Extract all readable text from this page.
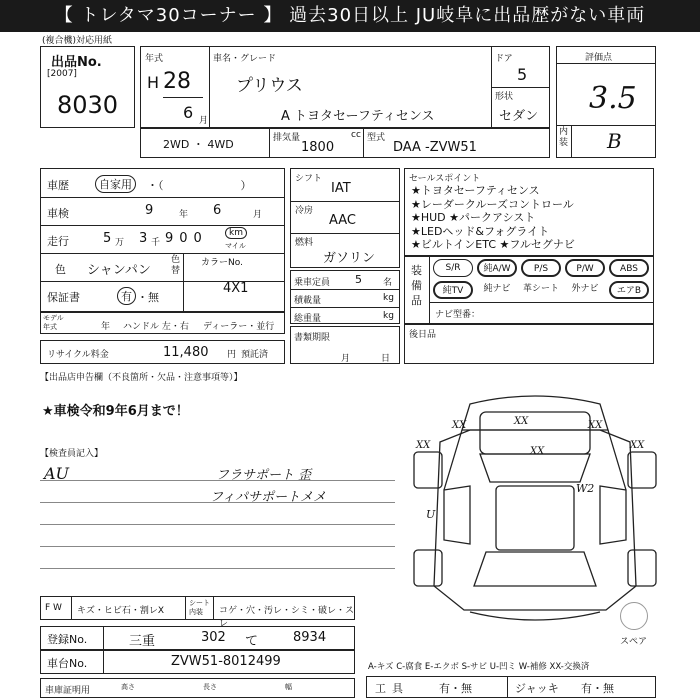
【 トレタマ30コーナー 】 過去30日以上 JU岐阜に出品歴がない車両
(複合機)対応用紙
出品No.
[2007]
8030
年式
H 28
6 月
車名・グレード
プリウス
A トヨタセーフティセンス
ドア
5
形状
セダン
評価点
3.5
内装 B
2WD ・ 4WD	排気量	cc
1800
型式
DAA -ZVW51
車歴	自家用	・（　　　　　　　）
車検	9	年 6	月
走行	5 万 3 千 900	km
マイル
色 シャンパン
色替
カラーNo.
保証書	有 ・無
4X1
モデル年式	年 ハンドル 左・右 ディーラー・並行
リサイクル料金	11,480 円 預託済
シフト
IAT
冷房
AAC
燃料
ガソリン
乗車定員 5 名
積載量	kg
総重量	kg
書類期限
月	日
セールスポイント
★トヨタセーフティセンス
★レーダークルーズコントロール
★HUD ★パークアシスト
★LEDヘッド&フォグライト
★ビルトインETC ★フルセグナビ
装備品
S/R	純A/W	P/S	P/W	ABS
純TV	純ナビ	革シート	外ナビ	エアB
ナビ型番：
後日品
【出品店申告欄（不良箇所・欠品・注意事項等）】
★車検令和9年6月まで！
【検査員記入】
AU	フラサポート 歪
フィパサポートメメ
XX	XX	XX
XX	XX
XX
W2
U
スペア
F W キズ・ヒビ石・割レX
シート内装	コゲ・穴・汚レ・シミ・破レ・スレ
登録No.	三重	302 て	8934
車台No.	ZVW51-8012499
車庫証明用	高さ	長さ	幅
A-キズ C-腐食 E-エクボ S-サビ U-凹ミ W-補修 XX-交換済
工具	有・無	ジャッキ 有・無
